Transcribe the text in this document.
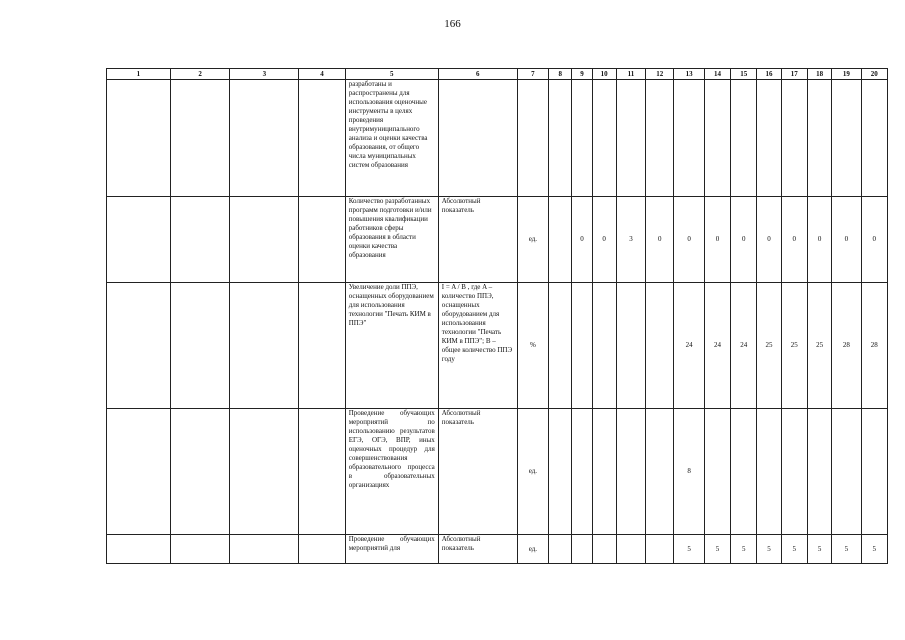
166
1	2	3	4	5	6	7	8	9	10	11	12	13	14	15	16	17	18	19	20
				разработаны и распространены для использования оценочные инструменты в целях проведения внутримуниципального анализа и оценки качества образования, от общего числа муниципальных систем образования															
				Количество разработанных программ подготовки и/или повышения квалификации работников сферы образования в области оценки качества образования	Абсолютный показатель	ед.		0	0	3	0	0	0	0	0	0	0	0	0
				Увеличение доли ППЭ, оснащенных оборудованием для использования технологии "Печать КИМ в ППЭ"	I = A / B , где A –количество ППЭ, оснащенных оборудованием для использования технологии "Печать КИМ в ППЭ"; B – общее количество ППЭ году	%						24	24	24	25	25	25	28	28
				Проведение обучающих мероприятий по использованию результатов ЕГЭ, ОГЭ, ВПР, иных оценочных процедур для совершенствования образовательного процесса в образовательных организациях	Абсолютный показатель	ед.						8							
				Проведение обучающих мероприятий для	Абсолютный показатель	ед.						5	5	5	5	5	5	5	5
